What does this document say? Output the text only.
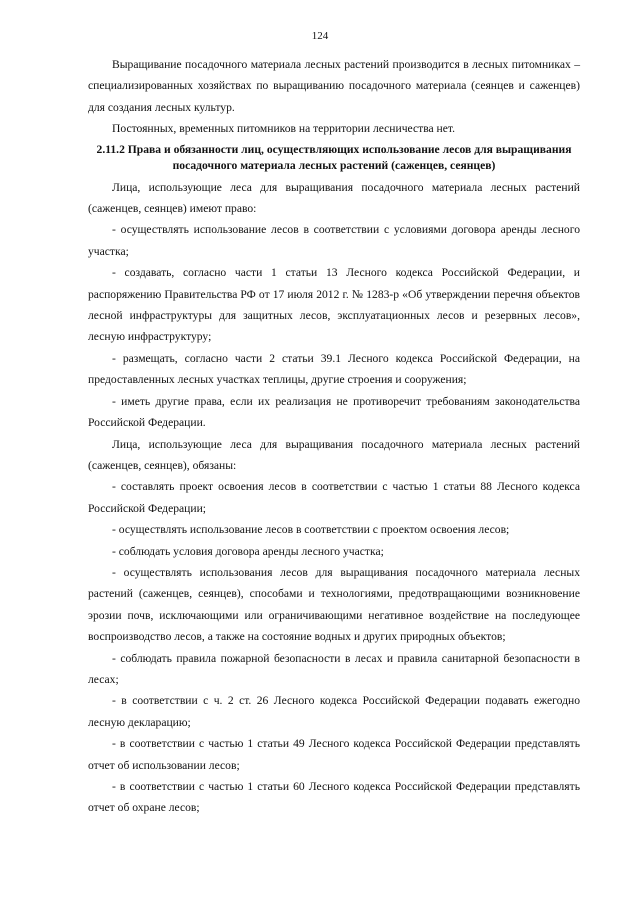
124

Выращивание посадочного материала лесных растений производится в лесных питомниках – специализированных хозяйствах по выращиванию посадочного материала (сеянцев и саженцев) для создания лесных культур.

Постоянных, временных питомников на территории лесничества нет.

2.11.2 Права и обязанности лиц, осуществляющих использование лесов для выращивания посадочного материала лесных растений (саженцев, сеянцев)

Лица, использующие леса для выращивания посадочного материала лесных растений (саженцев, сеянцев) имеют право:

- осуществлять использование лесов в соответствии с условиями договора аренды лесного участка;

- создавать, согласно части 1 статьи 13 Лесного кодекса Российской Федерации, и распоряжению Правительства РФ от 17 июля 2012 г. № 1283-р «Об утверждении перечня объектов лесной инфраструктуры для защитных лесов, эксплуатационных лесов и резервных лесов», лесную инфраструктуру;

- размещать, согласно части 2 статьи 39.1 Лесного кодекса Российской Федерации, на предоставленных лесных участках теплицы, другие строения и сооружения;

- иметь другие права, если их реализация не противоречит требованиям законодательства Российской Федерации.

Лица, использующие леса для выращивания посадочного материала лесных растений (саженцев, сеянцев), обязаны:

- составлять проект освоения лесов в соответствии с частью 1 статьи 88 Лесного кодекса Российской Федерации;

- осуществлять использование лесов в соответствии с проектом освоения лесов;

- соблюдать условия договора аренды лесного участка;

- осуществлять использования лесов для выращивания посадочного материала лесных растений (саженцев, сеянцев), способами и технологиями, предотвращающими возникновение эрозии почв, исключающими или ограничивающими негативное воздействие на последующее воспроизводство лесов, а также на состояние водных и других природных объектов;

- соблюдать правила пожарной безопасности в лесах и правила санитарной безопасности в лесах;

- в соответствии с ч. 2 ст. 26 Лесного кодекса Российской Федерации подавать ежегодно лесную декларацию;

- в соответствии с частью 1 статьи 49 Лесного кодекса Российской Федерации представлять отчет об использовании лесов;

- в соответствии с частью 1 статьи 60 Лесного кодекса Российской Федерации представлять отчет об охране лесов;
